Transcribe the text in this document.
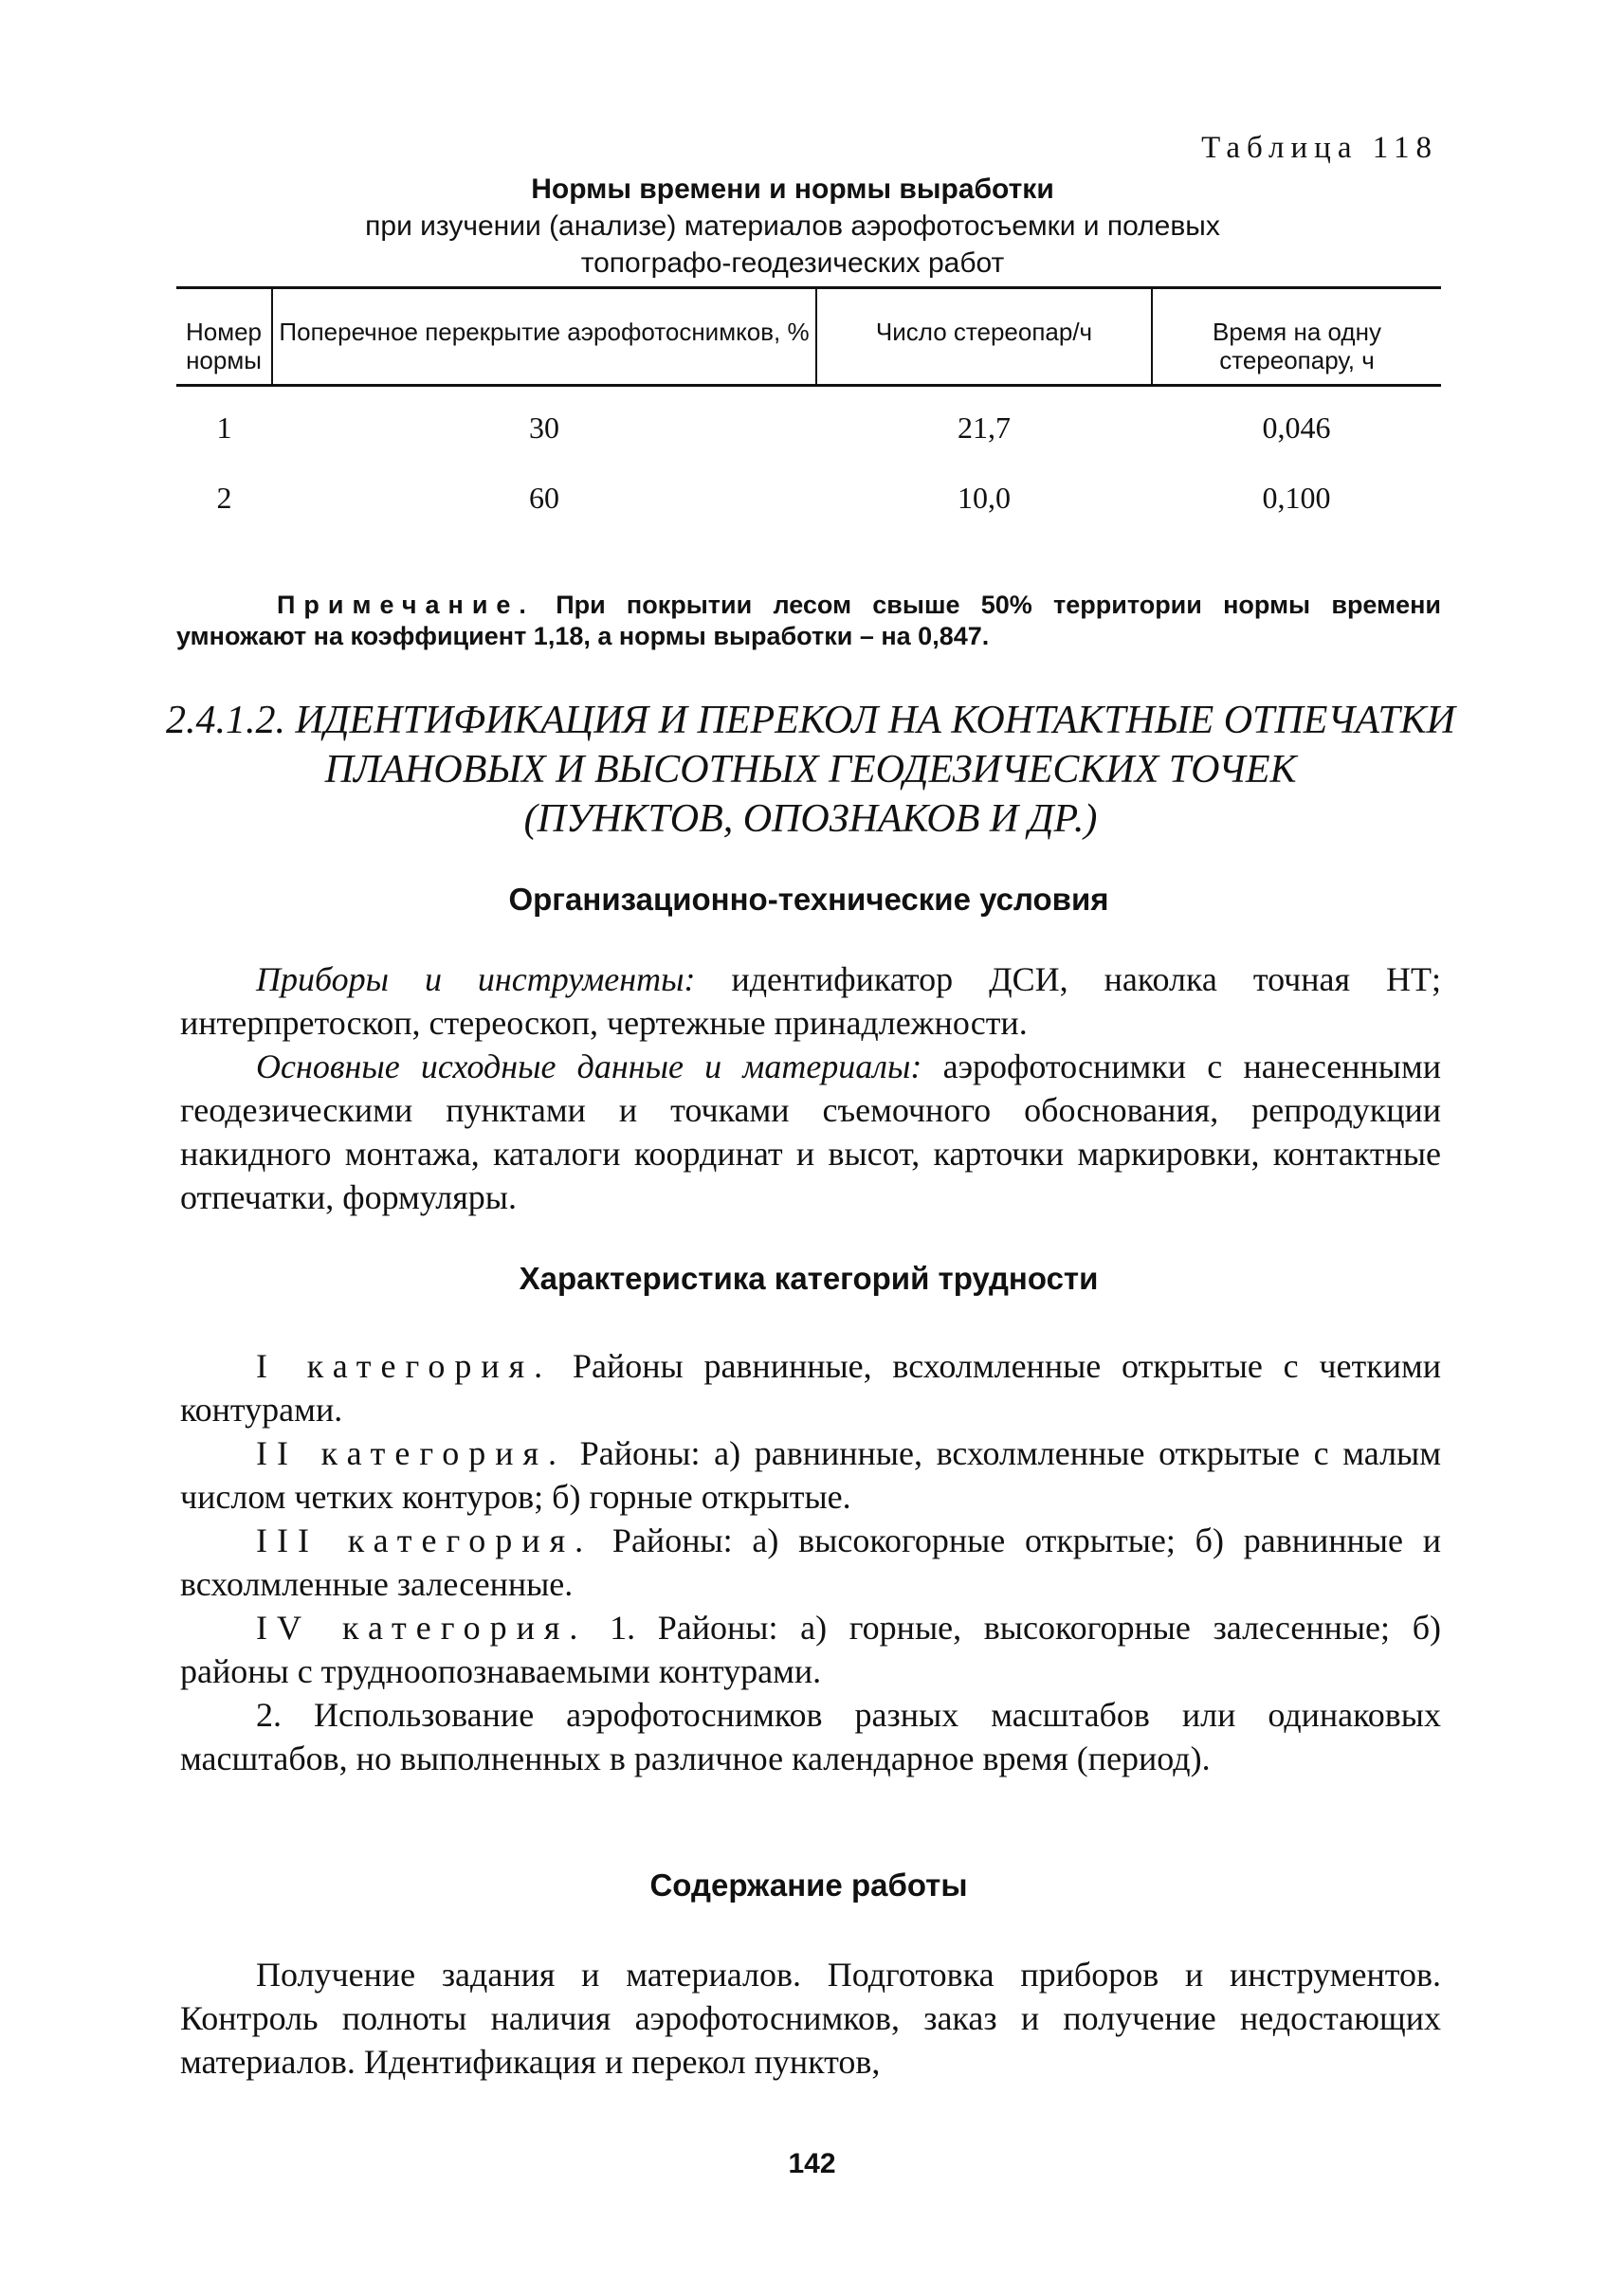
Таблица 118
Нормы времени и нормы выработки
при изучении (анализе) материалов аэрофотосъемки и полевых
топографо-геодезических работ
Номер нормы	Поперечное перекрытие аэрофотоснимков, %	Число стереопар/ч	Время на одну стереопару, ч
1	30	21,7	0,046
2	60	10,0	0,100
Примечание. При покрытии лесом свыше 50% территории нормы времени умножают на коэффициент 1,18, а нормы выработки – на 0,847.
2.4.1.2. ИДЕНТИФИКАЦИЯ И ПЕРЕКОЛ НА КОНТАКТНЫЕ ОТПЕЧАТКИ
ПЛАНОВЫХ И ВЫСОТНЫХ ГЕОДЕЗИЧЕСКИХ ТОЧЕК
(ПУНКТОВ, ОПОЗНАКОВ И ДР.)
Организационно-технические условия

Приборы и инструменты: идентификатор ДСИ, наколка точная НТ; интерпретоскоп, стереоскоп, чертежные принадлежности.

Основные исходные данные и материалы: аэрофотоснимки с нанесенными геодезическими пунктами и точками съемочного обоснования, репродукции накидного монтажа, каталоги координат и высот, карточки маркировки, контактные отпечатки, формуляры.

Характеристика категорий трудности

I категория. Районы равнинные, всхолмленные открытые с четкими контурами.

II категория. Районы: а) равнинные, всхолмленные открытые с малым числом четких контуров; б) горные открытые.

III категория. Районы: а) высокогорные открытые; б) равнинные и всхолмленные залесенные.

IV категория. 1. Районы: а) горные, высокогорные залесенные; б) районы с трудноопознаваемыми контурами.

2. Использование аэрофотоснимков разных масштабов или одинаковых масштабов, но выполненных в различное календарное время (период).

Содержание работы

Получение задания и материалов. Подготовка приборов и инструментов. Контроль полноты наличия аэрофотоснимков, заказ и получение недостающих материалов. Идентификация и перекол пунктов,

142
